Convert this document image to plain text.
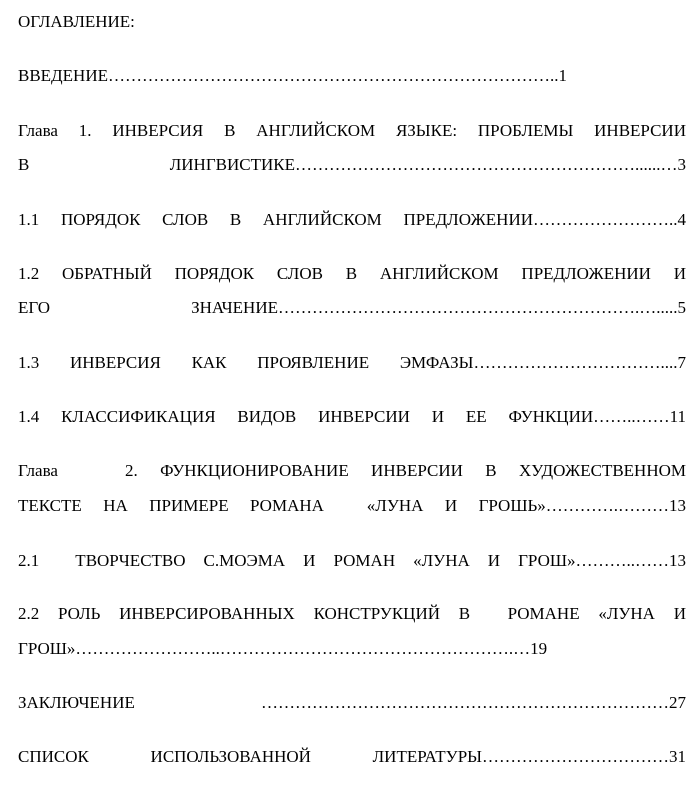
ОГЛАВЛЕНИЕ:
ВВЕДЕНИЕ……………………………………………………………………..1
Глава 1. ИНВЕРСИЯ В АНГЛИЙСКОМ ЯЗЫКЕ: ПРОБЛЕМЫ ИНВЕРСИИ
В ЛИНГВИСТИКЕ……………………………………………………......…3
1.1 ПОРЯДОК СЛОВ В АНГЛИЙСКОМ ПРЕДЛОЖЕНИИ……………………..4
1.2 ОБРАТНЫЙ ПОРЯДОК СЛОВ В АНГЛИЙСКОМ ПРЕДЛОЖЕНИИ И
ЕГО ЗНАЧЕНИЕ……………………………………………………….….....5
1.3 ИНВЕРСИЯ КАК ПРОЯВЛЕНИЕ ЭМФАЗЫ……………………………....7
1.4 КЛАССИФИКАЦИЯ ВИДОВ ИНВЕРСИИ И ЕЕ ФУНКЦИИ……..……11
Глава   2. ФУНКЦИОНИРОВАНИЕ ИНВЕРСИИ В ХУДОЖЕСТВЕННОМ
ТЕКСТЕ НА ПРИМЕРЕ РОМАНА  «ЛУНА И ГРОШЬ»………….………13
2.1  ТВОРЧЕСТВО С.МОЭМА И РОМАН «ЛУНА И ГРОШ»………..……13
2.2 РОЛЬ ИНВЕРСИРОВАННЫХ КОНСТРУКЦИЙ В  РОМАНЕ «ЛУНА И
ГРОШ»……………………..…………………………………………….…19
ЗАКЛЮЧЕНИЕ ………………………………………………………………27
СПИСОК ИСПОЛЬЗОВАННОЙ ЛИТЕРАТУРЫ……………………………31
